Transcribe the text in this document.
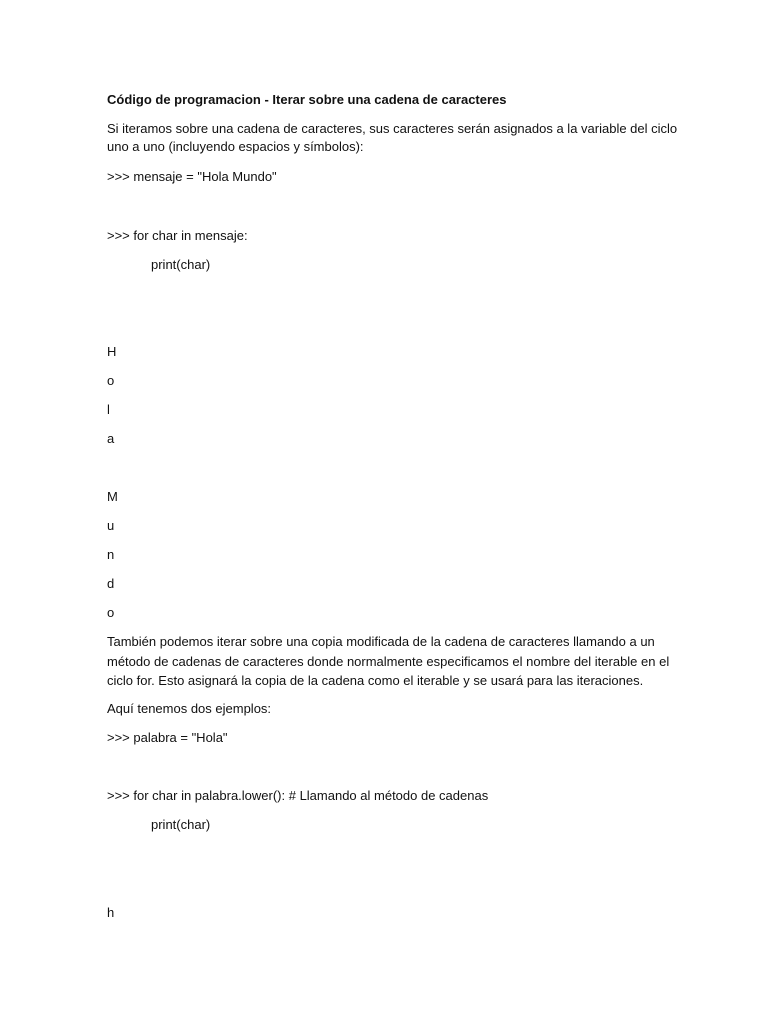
Código de programacion - Iterar sobre una cadena de caracteres
Si iteramos sobre una cadena de caracteres, sus caracteres serán asignados a la variable del ciclo
uno a uno (incluyendo espacios y símbolos):
>>> mensaje = "Hola Mundo"
>>> for char in mensaje:
print(char)
H
o
l
a
M
u
n
d
o
También podemos iterar sobre una copia modificada de la cadena de caracteres llamando a un
método de cadenas de caracteres donde normalmente especificamos el nombre del iterable en el
ciclo for. Esto asignará la copia de la cadena como el iterable y se usará para las iteraciones.
Aquí tenemos dos ejemplos:
>>> palabra = "Hola"
>>> for char in palabra.lower(): # Llamando al método de cadenas
print(char)
h
